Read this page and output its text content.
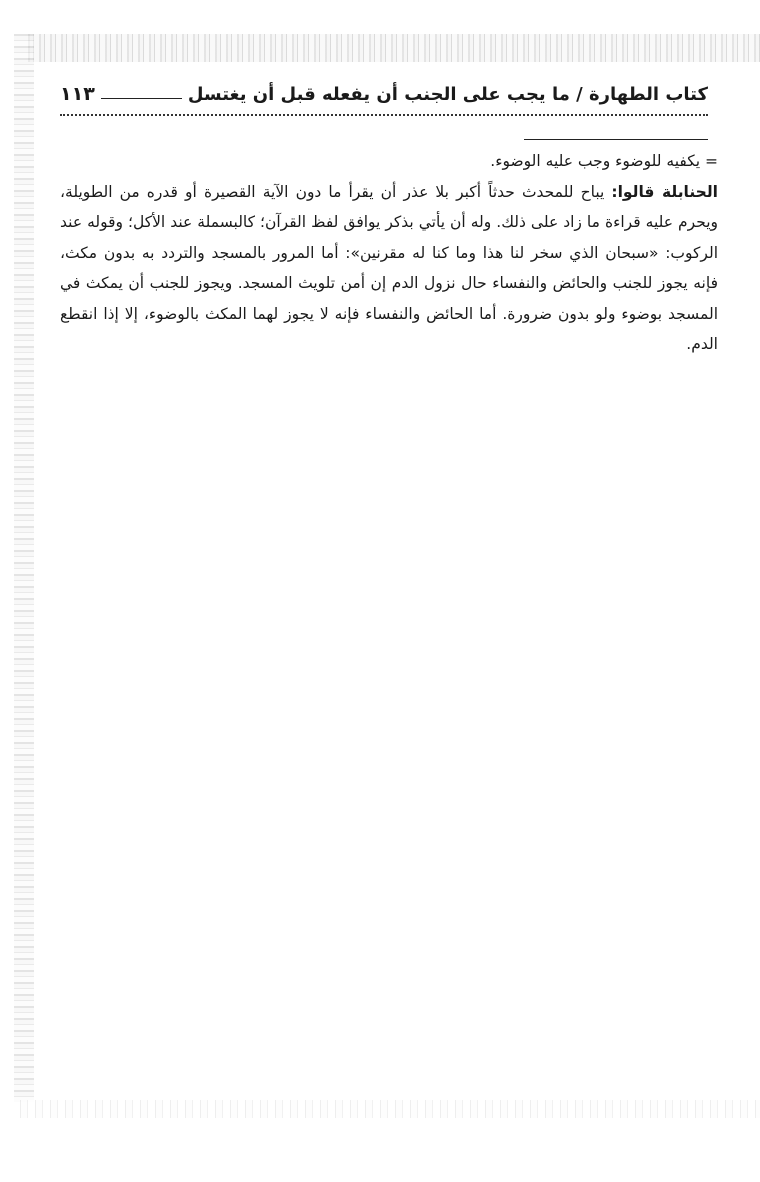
١١٣	كتاب الطهارة / ما يجب على الجنب أن يفعله قبل أن يغتسل

= يكفيه للوضوء وجب عليه الوضوء.

الحنابلة قالوا: يباح للمحدث حدثاً أكبر بلا عذر أن يقرأ ما دون الآية القصيرة أو قدره من الطويلة، ويحرم عليه قراءة ما زاد على ذلك. وله أن يأتي بذكر يوافق لفظ القرآن؛ كالبسملة عند الأكل؛ وقوله عند الركوب: «سبحان الذي سخر لنا هذا وما كنا له مقرنين»: أما المرور بالمسجد والتردد به بدون مكث، فإنه يجوز للجنب والحائض والنفساء حال نزول الدم إن أمن تلويث المسجد. ويجوز للجنب أن يمكث في المسجد بوضوء ولو بدون ضرورة. أما الحائض والنفساء فإنه لا يجوز لهما المكث بالوضوء، إلا إذا انقطع الدم.
